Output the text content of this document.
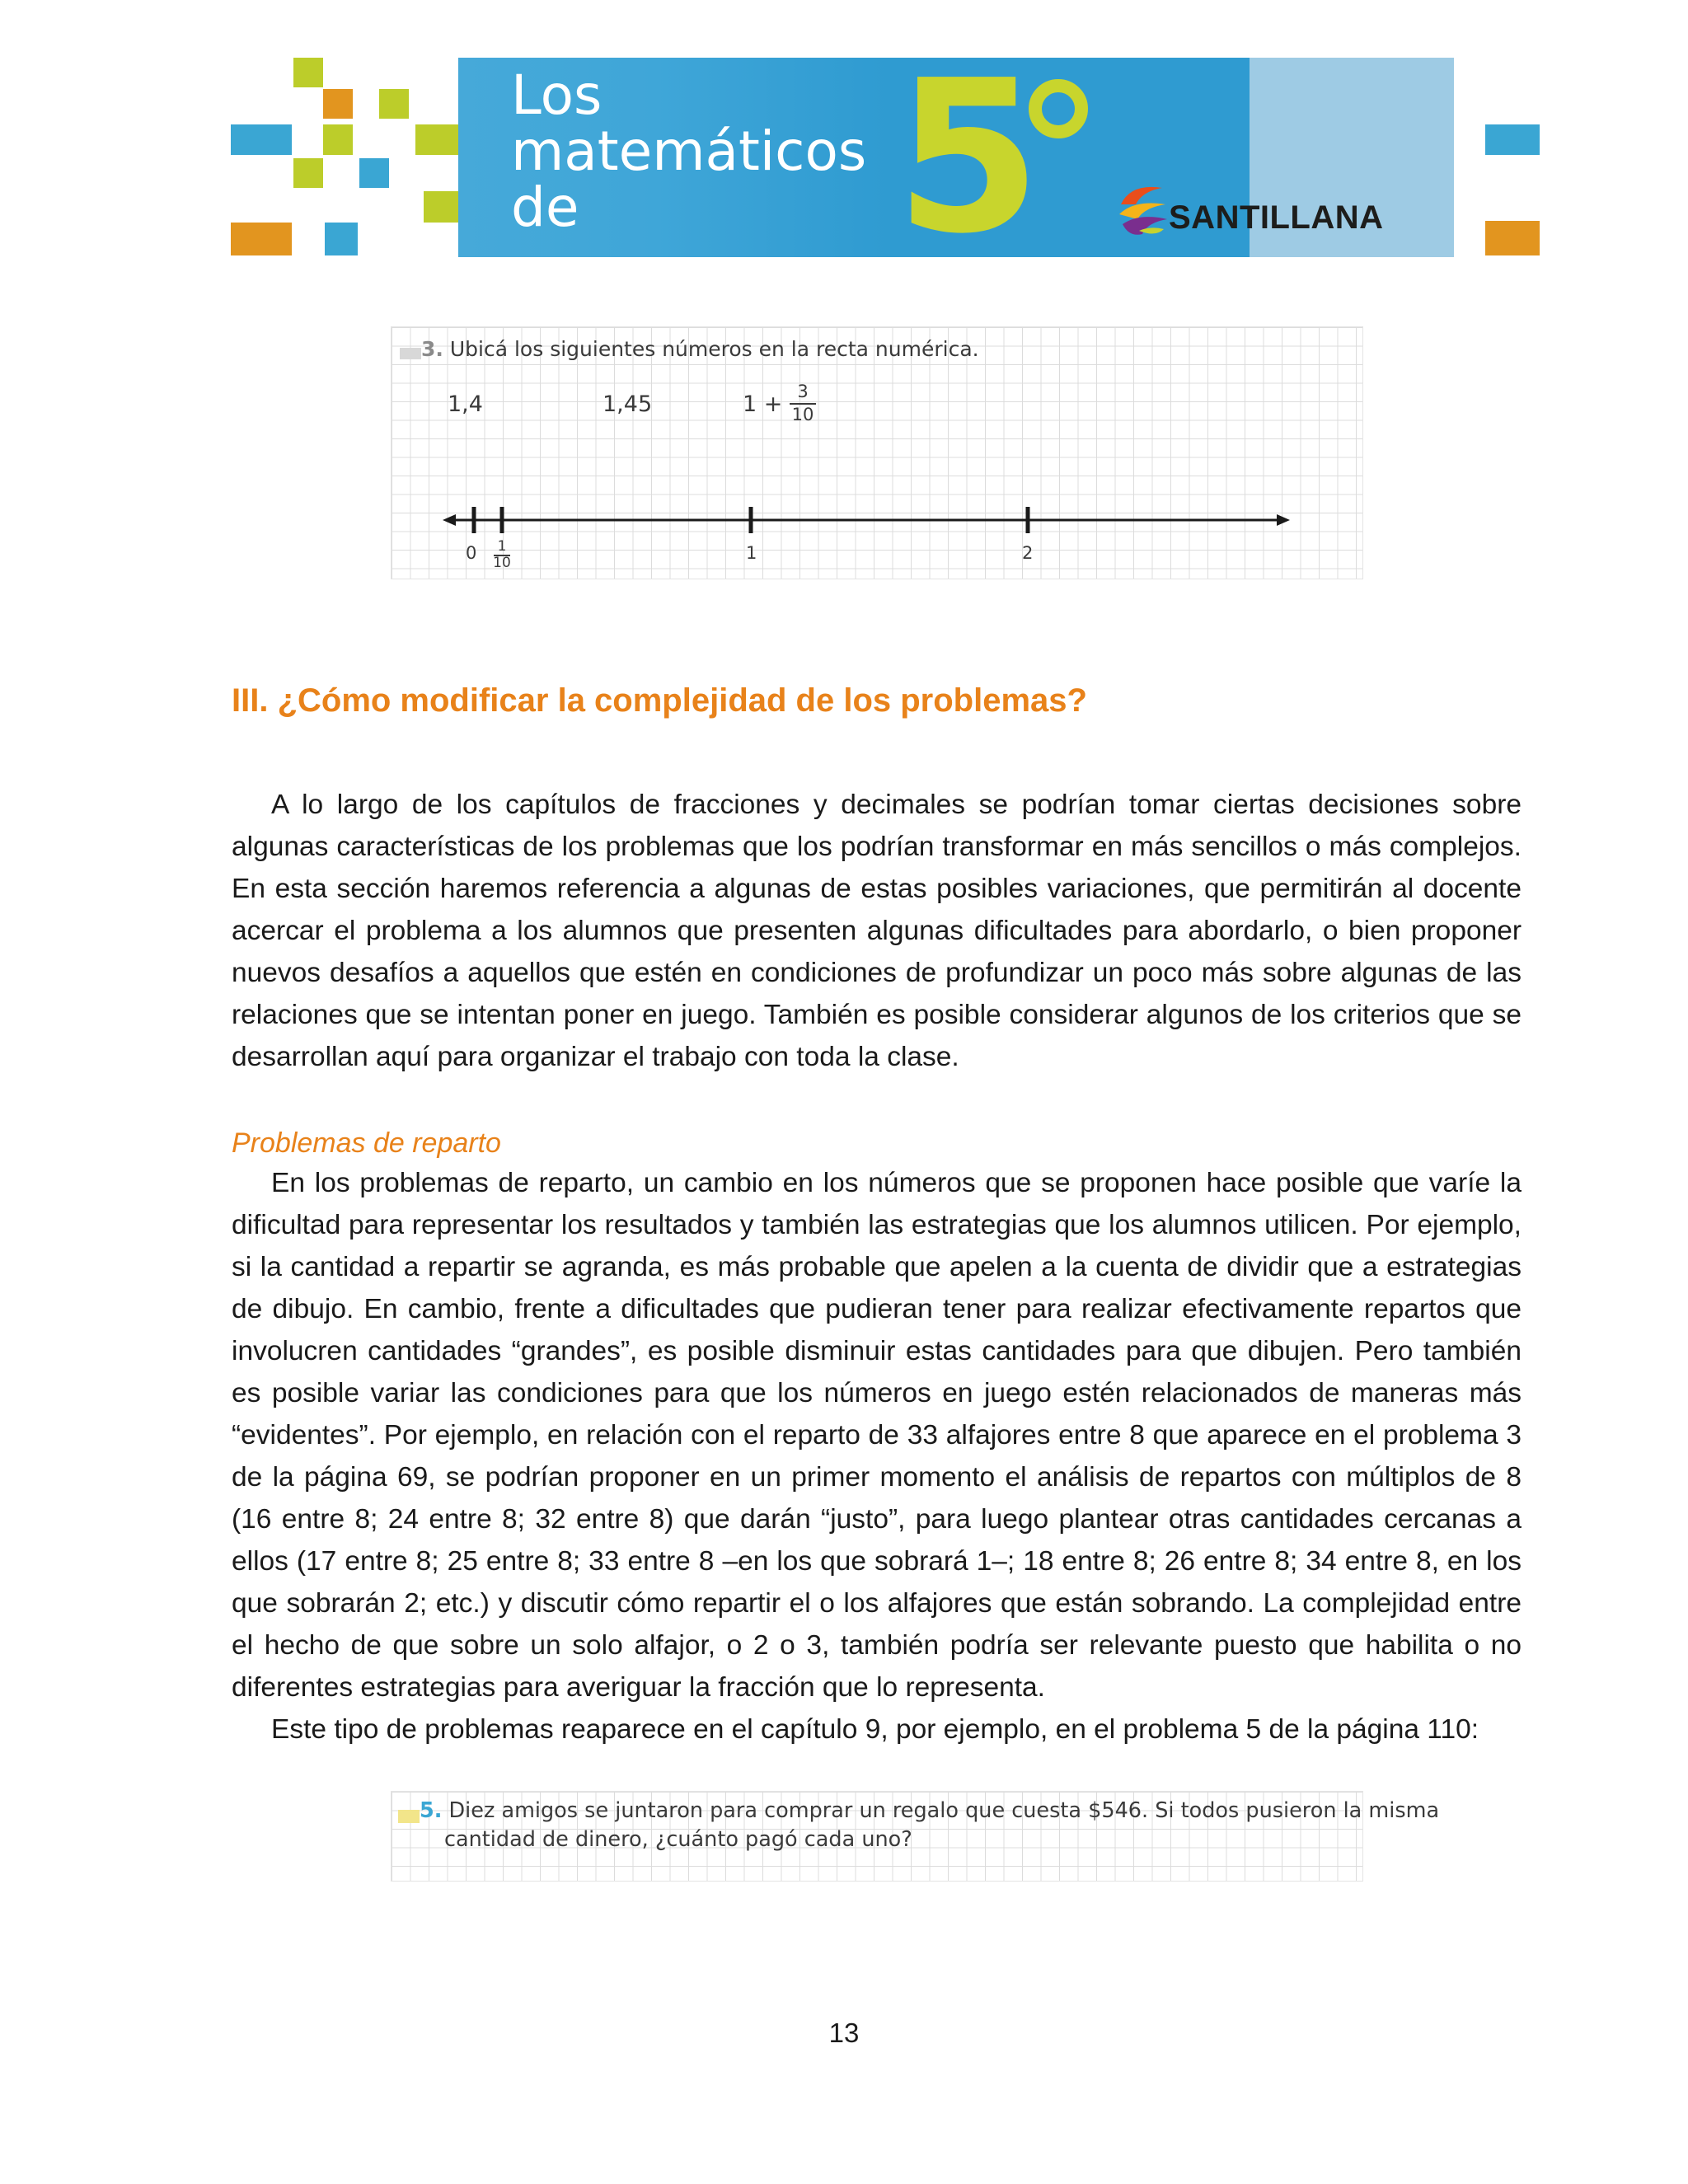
Los
matemáticos
de 5	SANTILLANA
3. Ubicá los siguientes números en la recta numérica.
1,4	1,45	1 + 3
10
0	1
10	1	2
III. ¿Cómo modificar la complejidad de los problemas?

A lo largo de los capítulos de fracciones y decimales se podrían tomar ciertas decisiones sobre algunas características de los problemas que los podrían transformar en más sencillos o más complejos. En esta sección haremos referencia a algunas de estas posibles variaciones, que permitirán al docente acercar el problema a los alumnos que presenten algunas dificultades para abordarlo, o bien proponer nuevos desafíos a aquellos que estén en condiciones de profundizar un poco más sobre algunas de las relaciones que se intentan poner en juego. También es posible considerar algunos de los criterios que se desarrollan aquí para organizar el trabajo con toda la clase.

Problemas de reparto

En los problemas de reparto, un cambio en los números que se proponen hace posible que varíe la dificultad para representar los resultados y también las estrategias que los alumnos utilicen. Por ejemplo, si la cantidad a repartir se agranda, es más probable que apelen a la cuenta de dividir que a estrategias de dibujo. En cambio, frente a dificultades que pudieran tener para realizar efectivamente repartos que involucren cantidades “grandes”, es posible disminuir estas cantidades para que dibujen. Pero también es posible variar las condiciones para que los números en juego estén relacionados de maneras más “evidentes”. Por ejemplo, en relación con el reparto de 33 alfajores entre 8 que aparece en el problema 3 de la página 69, se podrían proponer en un primer momento el análisis de repartos con múltiplos de 8 (16 entre 8; 24 entre 8; 32 entre 8) que darán “justo”, para luego plantear otras cantidades cercanas a ellos (17 entre 8; 25 entre 8; 33 entre 8 –en los que sobrará 1–; 18 entre 8; 26 entre 8; 34 entre 8, en los que sobrarán 2; etc.) y discutir cómo repartir el o los alfajores que están sobrando. La complejidad entre el hecho de que sobre un solo alfajor, o 2 o 3, también podría ser relevante puesto que habilita o no diferentes estrategias para averiguar la fracción que lo representa.

Este tipo de problemas reaparece en el capítulo 9, por ejemplo, en el problema 5 de la página 110:

5. Diez amigos se juntaron para comprar un regalo que cuesta $546. Si todos pusieron la misma
cantidad de dinero, ¿cuánto pagó cada uno?
13
